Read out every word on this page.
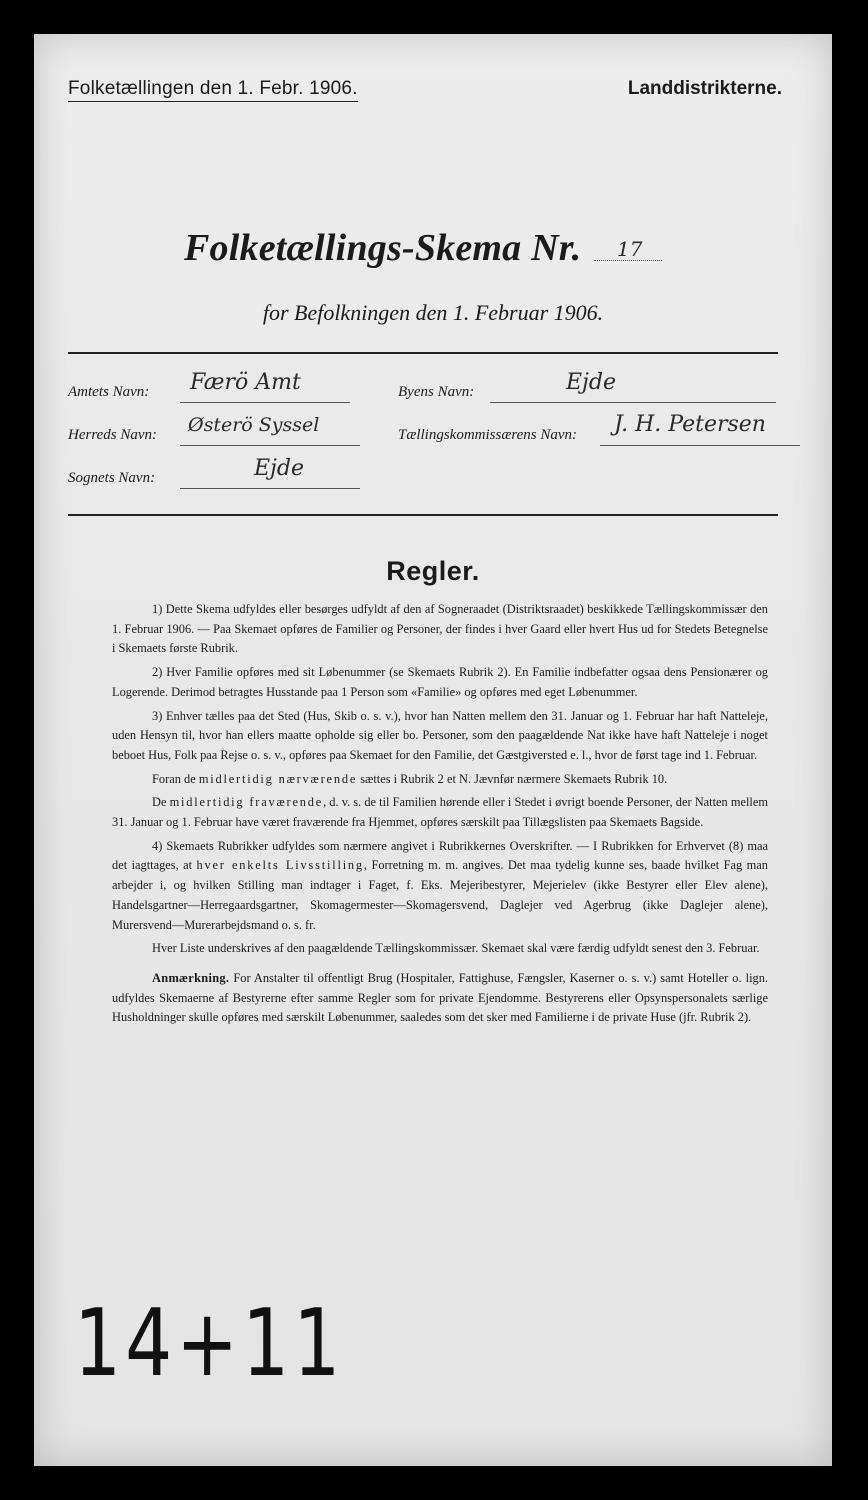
Folketællingen den 1. Febr. 1906.	Landdistrikterne.
Folketællings-Skema Nr. 17
for Befolkningen den 1. Februar 1906.
Amtets Navn: Færö Amt	Byens Navn:	Ejde
Herreds Navn: Østerö Syssel	Tællingskommissærens Navn: J. H. Petersen
Sognets Navn:	Ejde
Regler.

1) Dette Skema udfyldes eller besørges udfyldt af den af Sogneraadet (Distriktsraadet) beskikkede Tællingskommissær den 1. Februar 1906. — Paa Skemaet opføres de Familier og Personer, der findes i hver Gaard eller hvert Hus ud for Stedets Betegnelse i Skemaets første Rubrik.

2) Hver Familie opføres med sit Løbenummer (se Skemaets Rubrik 2). En Familie indbefatter ogsaa dens Pensionærer og Logerende. Derimod betragtes Husstande paa 1 Person som «Familie» og opføres med eget Løbenummer.

3) Enhver tælles paa det Sted (Hus, Skib o. s. v.), hvor han Natten mellem den 31. Januar og 1. Februar har haft Natteleje, uden Hensyn til, hvor han ellers maatte opholde sig eller bo. Personer, som den paagældende Nat ikke have haft Natteleje i noget beboet Hus, Folk paa Rejse o. s. v., opføres paa Skemaet for den Familie, det Gæstgiversted e. l., hvor de først tage ind 1. Februar.

Foran de midlertidig nærværende sættes i Rubrik 2 et N. Jævnfør nærmere Skemaets Rubrik 10.

De midlertidig fraværende, d. v. s. de til Familien hørende eller i Stedet i øvrigt boende Personer, der Natten mellem 31. Januar og 1. Februar have været fraværende fra Hjemmet, opføres særskilt paa Tillægslisten paa Skemaets Bagside.

4) Skemaets Rubrikker udfyldes som nærmere angivet i Rubrikkernes Overskrifter. — I Rubrikken for Erhvervet (8) maa det iagttages, at hver enkelts Livsstilling, Forretning m. m. angives. Det maa tydelig kunne ses, baade hvilket Fag man arbejder i, og hvilken Stilling man indtager i Faget, f. Eks. Mejeribestyrer, Mejerielev (ikke Bestyrer eller Elev alene), Handelsgartner—Herregaardsgartner, Skomagermester—Skomagersvend, Daglejer ved Agerbrug (ikke Daglejer alene), Murersvend—Murerarbejdsmand o. s. fr.

Hver Liste underskrives af den paagældende Tællingskommissær. Skemaet skal være færdig udfyldt senest den 3. Februar.

Anmærkning. For Anstalter til offentligt Brug (Hospitaler, Fattighuse, Fængsler, Kaserner o. s. v.) samt Hoteller o. lign. udfyldes Skemaerne af Bestyrerne efter samme Regler som for private Ejendomme. Bestyrerens eller Opsynspersonalets særlige Husholdninger skulle opføres med særskilt Løbenummer, saaledes som det sker med Familierne i de private Huse (jfr. Rubrik 2).

14+11
